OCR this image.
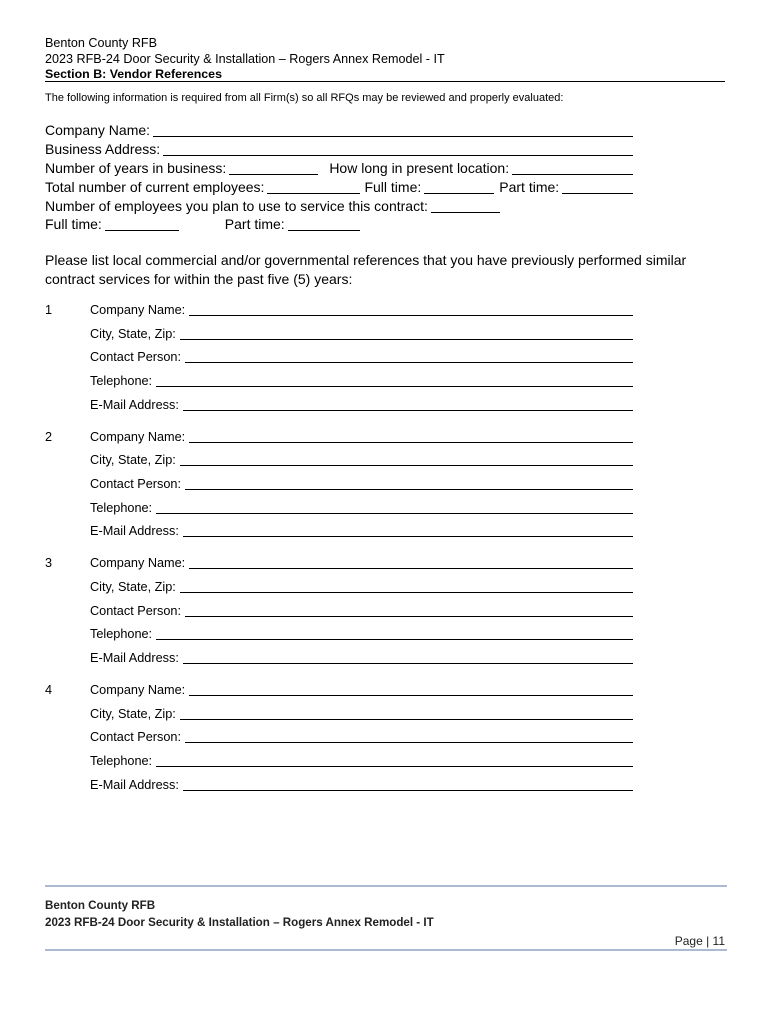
Benton County RFB
2023 RFB-24 Door Security & Installation – Rogers Annex Remodel - IT
Section B: Vendor References
The following information is required from all Firm(s) so all RFQs may be reviewed and properly evaluated:
Company Name:
Business Address:
Number of years in business:	How long in present location:
Total number of current employees:	Full time:	Part time:
Number of employees you plan to use to service this contract:
Full time:	Part time:
Please list local commercial and/or governmental references that you have previously performed similar contract services for within the past five (5) years:
1	Company Name:
City, State, Zip:
Contact Person:
Telephone:
E-Mail Address:
2	Company Name:
City, State, Zip:
Contact Person:
Telephone:
E-Mail Address:
3	Company Name:
City, State, Zip:
Contact Person:
Telephone:
E-Mail Address:
4	Company Name:
City, State, Zip:
Contact Person:
Telephone:
E-Mail Address:
Benton County RFB
2023 RFB-24 Door Security & Installation – Rogers Annex Remodel - IT
Page | 11
